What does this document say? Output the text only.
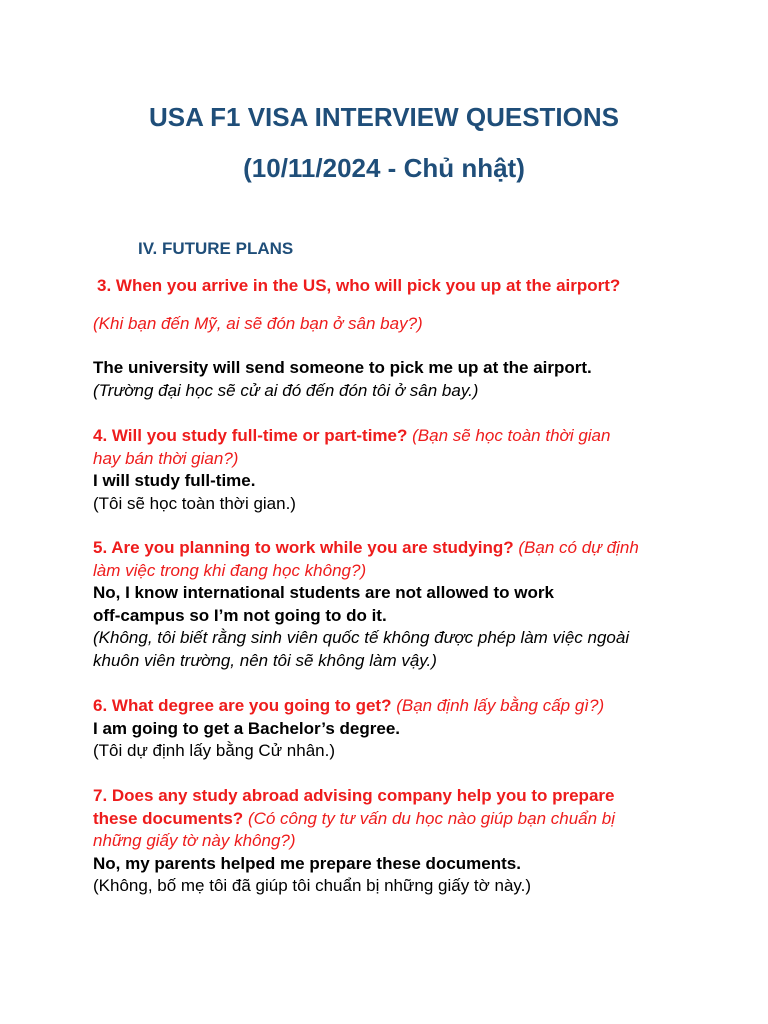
USA F1 VISA INTERVIEW QUESTIONS
(10/11/2024 - Chủ nhật)
IV. FUTURE PLANS
3. When you arrive in the US, who will pick you up at the airport?
(Khi bạn đến Mỹ, ai sẽ đón bạn ở sân bay?)
The university will send someone to pick me up at the airport.
(Trường đại học sẽ cử ai đó đến đón tôi ở sân bay.)
4. Will you study full-time or part-time? (Bạn sẽ học toàn thời gian
hay bán thời gian?)
I will study full-time.
(Tôi sẽ học toàn thời gian.)
5. Are you planning to work while you are studying? (Bạn có dự định
làm việc trong khi đang học không?)
No, I know international students are not allowed to work
off-campus so I’m not going to do it.
(Không, tôi biết rằng sinh viên quốc tế không được phép làm việc ngoài
khuôn viên trường, nên tôi sẽ không làm vậy.)
6. What degree are you going to get? (Bạn định lấy bằng cấp gì?)
I am going to get a Bachelor’s degree.
(Tôi dự định lấy bằng Cử nhân.)
7. Does any study abroad advising company help you to prepare
these documents? (Có công ty tư vấn du học nào giúp bạn chuẩn bị
những giấy tờ này không?)
No, my parents helped me prepare these documents.
(Không, bố mẹ tôi đã giúp tôi chuẩn bị những giấy tờ này.)
